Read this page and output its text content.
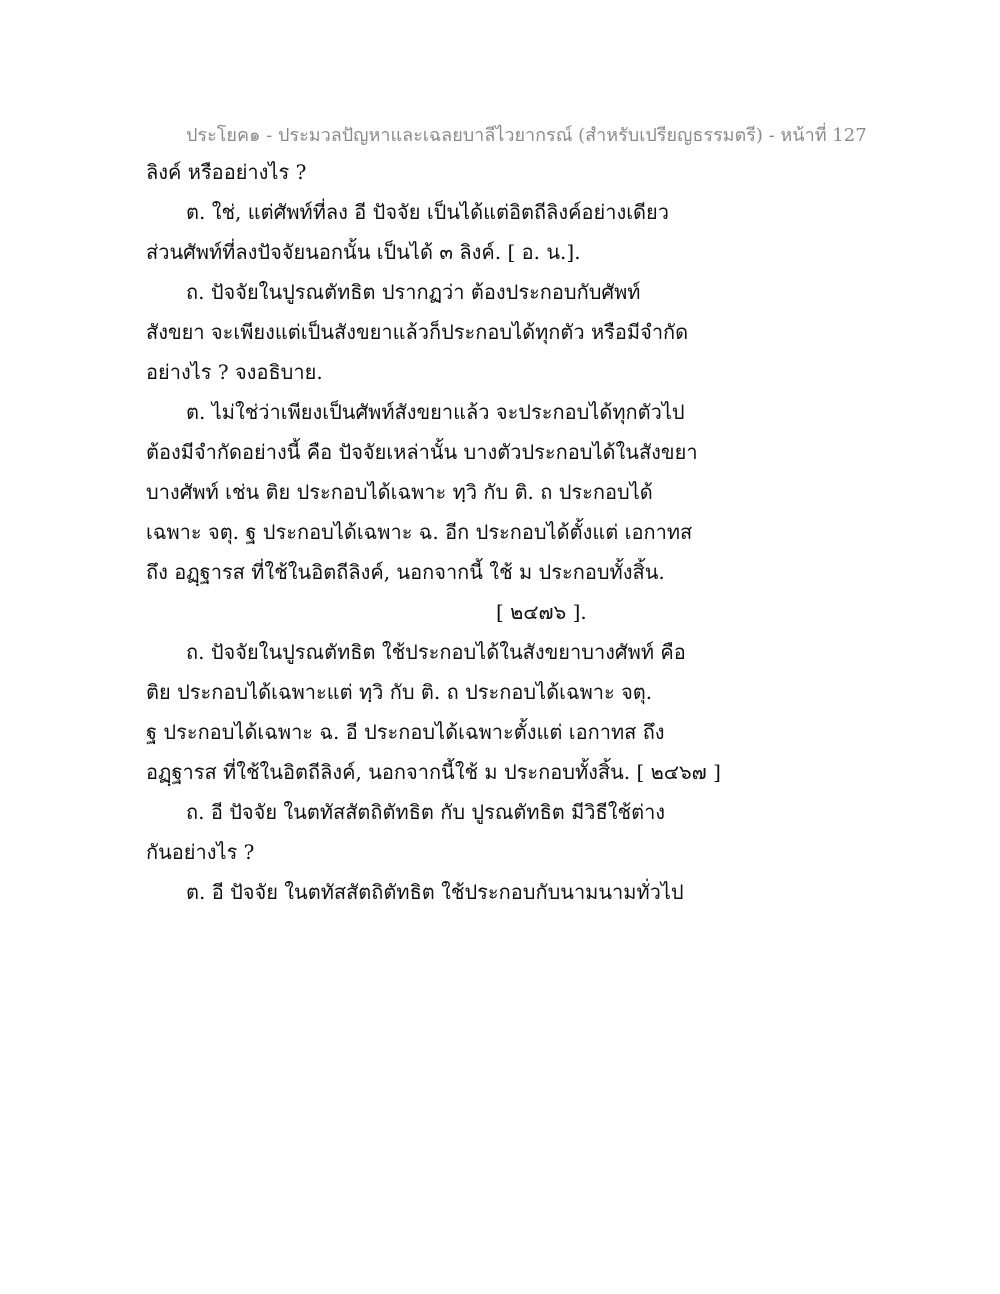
ประโยค๑ - ประมวลปัญหาและเฉลยบาลีไวยากรณ์ (สำหรับเปรียญธรรมตรี) - หน้าที่ 127
ลิงค์ หรืออย่างไร ?
ต. ใช่, แต่ศัพท์ที่ลง อี ปัจจัย เป็นได้แต่อิตถีลิงค์อย่างเดียว
ส่วนศัพท์ที่ลงปัจจัยนอกนั้น เป็นได้ ๓ ลิงค์. [ อ. น.].
ถ. ปัจจัยในปูรณตัทธิต ปรากฏว่า ต้องประกอบกับศัพท์
สังขยา จะเพียงแต่เป็นสังขยาแล้วก็ประกอบได้ทุกตัว หรือมีจำกัด
อย่างไร ? จงอธิบาย.
ต. ไม่ใช่ว่าเพียงเป็นศัพท์สังขยาแล้ว จะประกอบได้ทุกตัวไป
ต้องมีจำกัดอย่างนี้ คือ ปัจจัยเหล่านั้น บางตัวประกอบได้ในสังขยา
บางศัพท์ เช่น ติย ประกอบได้เฉพาะ ทฺวิ กับ ติ. ถ ประกอบได้
เฉพาะ จตุ. ฐ ประกอบได้เฉพาะ ฉ. อีก ประกอบได้ตั้งแต่ เอกาทส
ถึง อฏฺฐารส ที่ใช้ในอิตถีลิงค์, นอกจากนี้ ใช้ ม ประกอบทั้งสิ้น.
[ ๒๔๗๖ ].
ถ. ปัจจัยในปูรณตัทธิต ใช้ประกอบได้ในสังขยาบางศัพท์ คือ
ติย ประกอบได้เฉพาะแต่ ทฺวิ กับ ติ. ถ ประกอบได้เฉพาะ จตุ.
ฐ ประกอบได้เฉพาะ ฉ. อี ประกอบได้เฉพาะตั้งแต่ เอกาทส ถึง
อฏฺฐารส ที่ใช้ในอิตถีลิงค์, นอกจากนี้ใช้ ม ประกอบทั้งสิ้น. [ ๒๔๖๗ ]
ถ. อี ปัจจัย ในตทัสสัตถิตัทธิต กับ ปูรณตัทธิต มีวิธีใช้ต่าง
กันอย่างไร ?
ต. อี ปัจจัย ในตทัสสัตถิตัทธิต ใช้ประกอบกับนามนามทั่วไป
